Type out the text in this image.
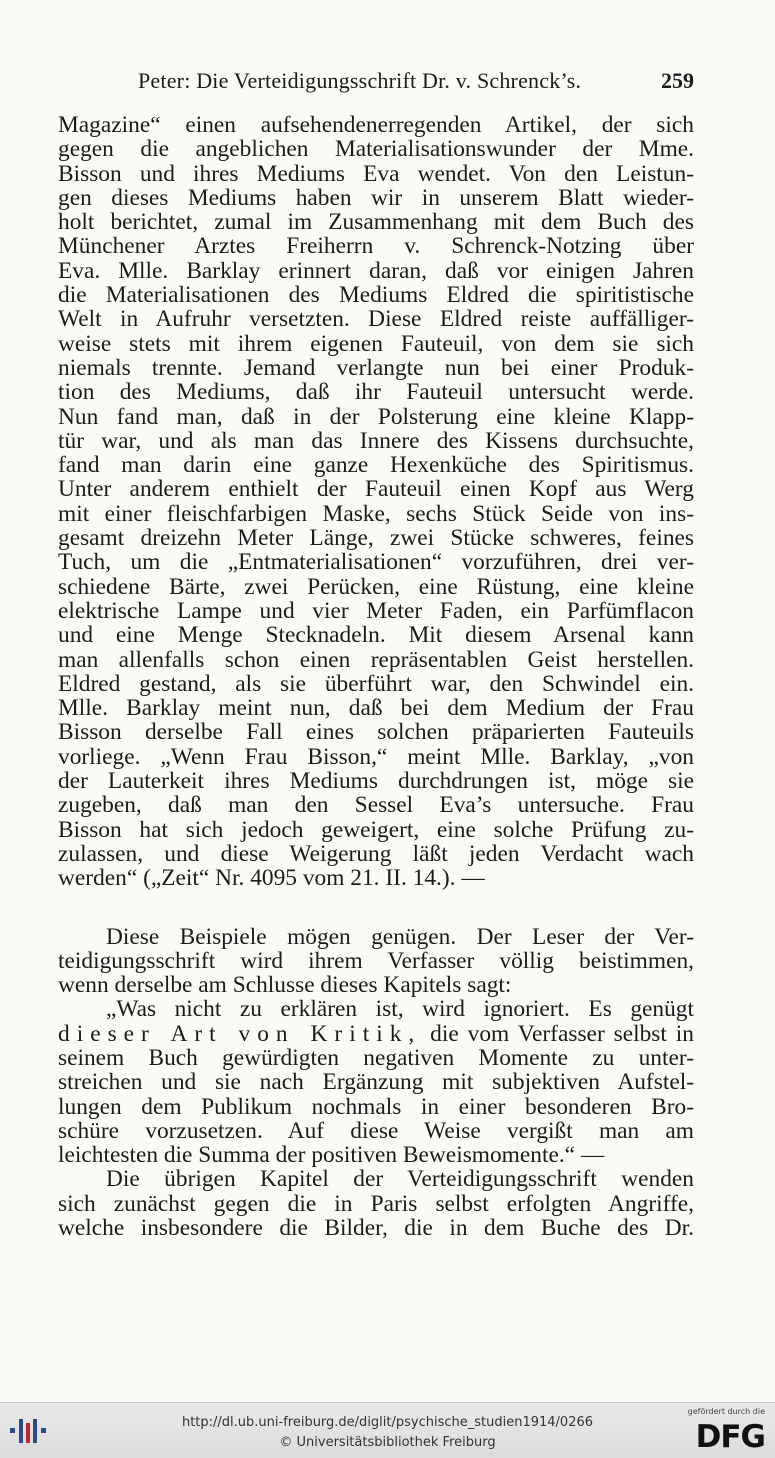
Peter: Die Verteidigungsschrift Dr. v. Schrenck’s.	259
Magazine“ einen aufsehendenerregenden Artikel, der sich
gegen die angeblichen Materialisationswunder der Mme.
Bisson und ihres Mediums Eva wendet. Von den Leistun-
gen dieses Mediums haben wir in unserem Blatt wieder-
holt berichtet, zumal im Zusammenhang mit dem Buch des
Münchener Arztes Freiherrn v. Schrenck-Notzing über
Eva. Mlle. Barklay erinnert daran, daß vor einigen Jahren
die Materialisationen des Mediums Eldred die spiritistische
Welt in Aufruhr versetzten. Diese Eldred reiste auffälliger-
weise stets mit ihrem eigenen Fauteuil, von dem sie sich
niemals trennte. Jemand verlangte nun bei einer Produk-
tion des Mediums, daß ihr Fauteuil untersucht werde.
Nun fand man, daß in der Polsterung eine kleine Klapp-
tür war, und als man das Innere des Kissens durchsuchte,
fand man darin eine ganze Hexenküche des Spiritismus.
Unter anderem enthielt der Fauteuil einen Kopf aus Werg
mit einer fleischfarbigen Maske, sechs Stück Seide von ins-
gesamt dreizehn Meter Länge, zwei Stücke schweres, feines
Tuch, um die „Entmaterialisationen“ vorzuführen, drei ver-
schiedene Bärte, zwei Perücken, eine Rüstung, eine kleine
elektrische Lampe und vier Meter Faden, ein Parfümflacon
und eine Menge Stecknadeln. Mit diesem Arsenal kann
man allenfalls schon einen repräsentablen Geist herstellen.
Eldred gestand, als sie überführt war, den Schwindel ein.
Mlle. Barklay meint nun, daß bei dem Medium der Frau
Bisson derselbe Fall eines solchen präparierten Fauteuils
vorliege. „Wenn Frau Bisson,“ meint Mlle. Barklay, „von
der Lauterkeit ihres Mediums durchdrungen ist, möge sie
zugeben, daß man den Sessel Eva’s untersuche. Frau
Bisson hat sich jedoch geweigert, eine solche Prüfung zu-
zulassen, und diese Weigerung läßt jeden Verdacht wach
werden“ („Zeit“ Nr. 4095 vom 21. II. 14.). —
Diese Beispiele mögen genügen. Der Leser der Ver-
teidigungsschrift wird ihrem Verfasser völlig beistimmen,
wenn derselbe am Schlusse dieses Kapitels sagt:
„Was nicht zu erklären ist, wird ignoriert. Es genügt
dieser Art von Kritik, die vom Verfasser selbst in
seinem Buch gewürdigten negativen Momente zu unter-
streichen und sie nach Ergänzung mit subjektiven Aufstel-
lungen dem Publikum nochmals in einer besonderen Bro-
schüre vorzusetzen. Auf diese Weise vergißt man am
leichtesten die Summa der positiven Beweismomente.“ —
Die übrigen Kapitel der Verteidigungsschrift wenden
sich zunächst gegen die in Paris selbst erfolgten Angriffe,
welche insbesondere die Bilder, die in dem Buche des Dr.
http://dl.ub.uni-freiburg.de/diglit/psychische_studien1914/0266
© Universitätsbibliothek Freiburg
gefördert durch die
DFG
